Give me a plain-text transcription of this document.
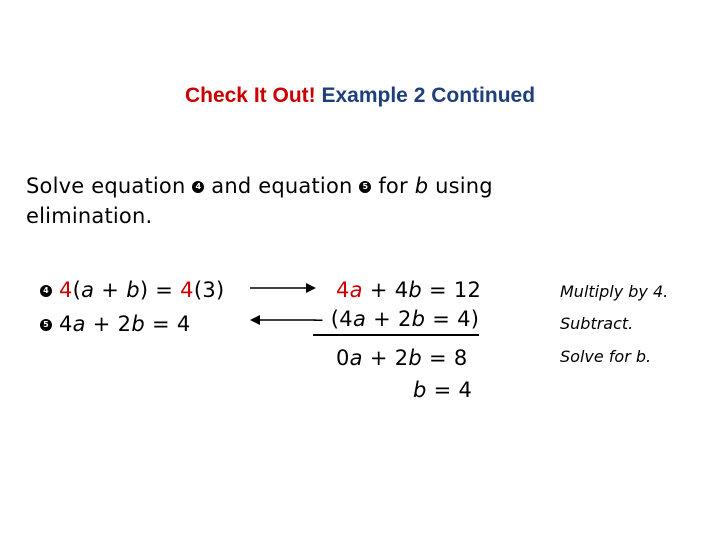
Check It Out! Example 2 Continued
Solve equation 4 and equation 5 for b using
elimination.
4 4(a + b) = 4(3)
5 4a + 2b = 4
4a + 4b = 12
– (4a + 2b = 4)
0a + 2b = 8
b = 4
Multiply by 4.
Subtract.
Solve for b.
